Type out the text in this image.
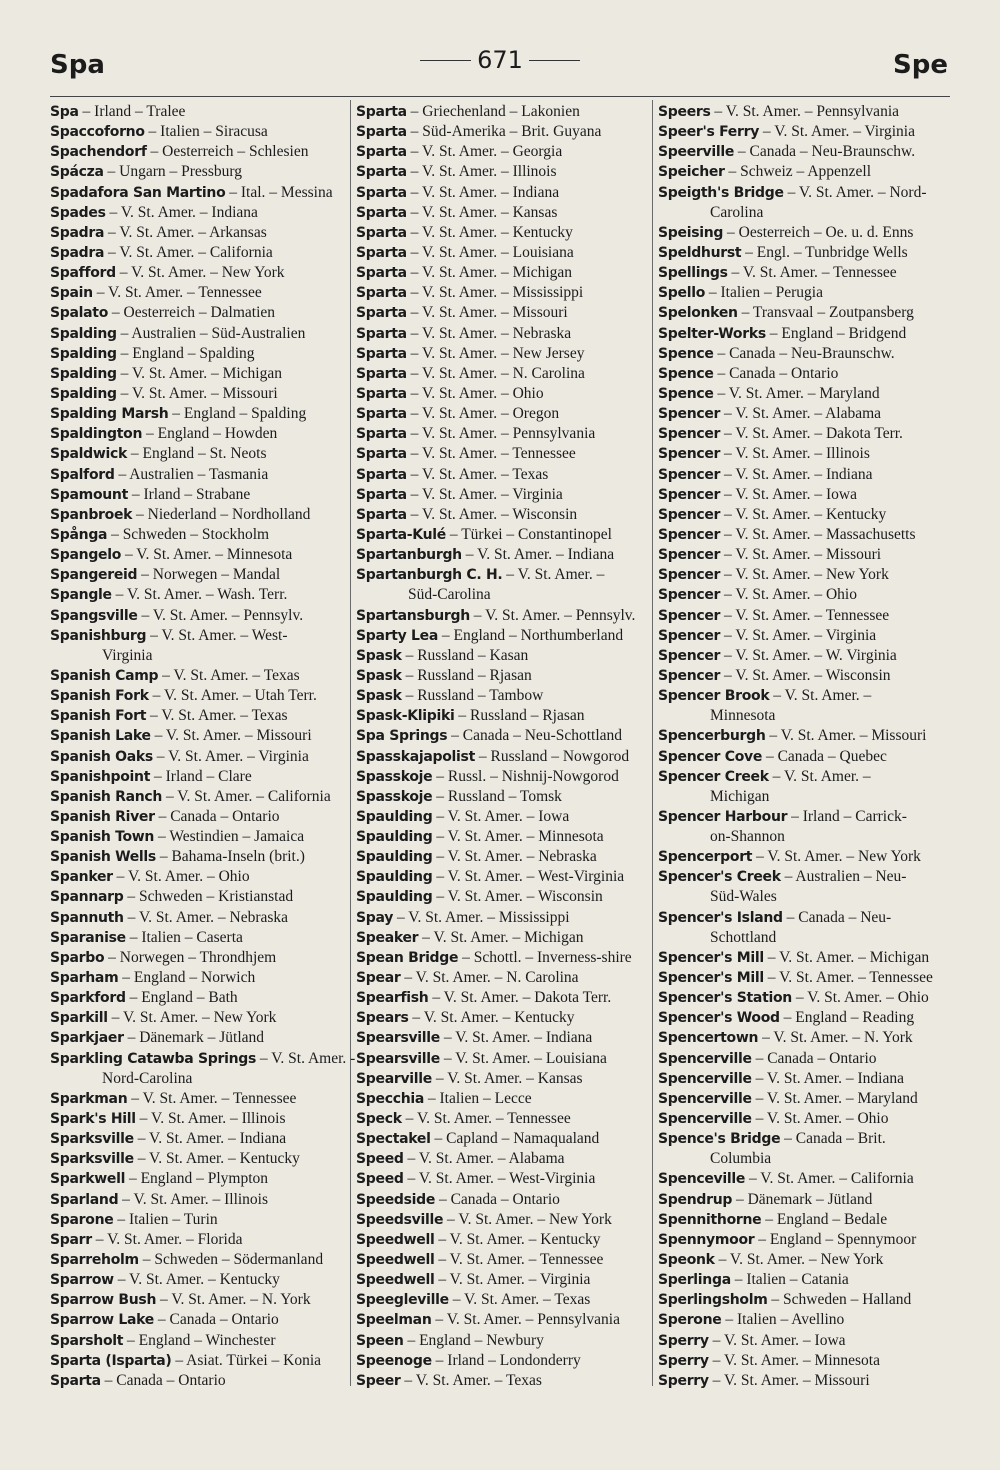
Spa	671	Spe
Spa – Irland – Tralee
Spaccoforno – Italien – Siracusa
Spachendorf – Oesterreich – Schlesien
Spácza – Ungarn – Pressburg
Spadafora San Martino – Ital. – Messina
Spades – V. St. Amer. – Indiana
Spadra – V. St. Amer. – Arkansas
Spadra – V. St. Amer. – California
Spafford – V. St. Amer. – New York
Spain – V. St. Amer. – Tennessee
Spalato – Oesterreich – Dalmatien
Spalding – Australien – Süd-Australien
Spalding – England – Spalding
Spalding – V. St. Amer. – Michigan
Spalding – V. St. Amer. – Missouri
Spalding Marsh – England – Spalding
Spaldington – England – Howden
Spaldwick – England – St. Neots
Spalford – Australien – Tasmania
Spamount – Irland – Strabane
Spanbroek – Niederland – Nordholland
Spånga – Schweden – Stockholm
Spangelo – V. St. Amer. – Minnesota
Spangereid – Norwegen – Mandal
Spangle – V. St. Amer. – Wash. Terr.
Spangsville – V. St. Amer. – Pennsylv.
Spanishburg – V. St. Amer. – West-
Virginia
Spanish Camp – V. St. Amer. – Texas
Spanish Fork – V. St. Amer. – Utah Terr.
Spanish Fort – V. St. Amer. – Texas
Spanish Lake – V. St. Amer. – Missouri
Spanish Oaks – V. St. Amer. – Virginia
Spanishpoint – Irland – Clare
Spanish Ranch – V. St. Amer. – California
Spanish River – Canada – Ontario
Spanish Town – Westindien – Jamaica
Spanish Wells – Bahama-Inseln (brit.)
Spanker – V. St. Amer. – Ohio
Spannarp – Schweden – Kristianstad
Spannuth – V. St. Amer. – Nebraska
Sparanise – Italien – Caserta
Sparbo – Norwegen – Throndhjem
Sparham – England – Norwich
Sparkford – England – Bath
Sparkill – V. St. Amer. – New York
Sparkjaer – Dänemark – Jütland
Sparkling Catawba Springs – V. St. Amer. -
Nord-Carolina
Sparkman – V. St. Amer. – Tennessee
Spark's Hill – V. St. Amer. – Illinois
Sparksville – V. St. Amer. – Indiana
Sparksville – V. St. Amer. – Kentucky
Sparkwell – England – Plympton
Sparland – V. St. Amer. – Illinois
Sparone – Italien – Turin
Sparr – V. St. Amer. – Florida
Sparreholm – Schweden – Södermanland
Sparrow – V. St. Amer. – Kentucky
Sparrow Bush – V. St. Amer. – N. York
Sparrow Lake – Canada – Ontario
Sparsholt – England – Winchester
Sparta (Isparta) – Asiat. Türkei – Konia
Sparta – Canada – Ontario
Sparta – Griechenland – Lakonien
Sparta – Süd-Amerika – Brit. Guyana
Sparta – V. St. Amer. – Georgia
Sparta – V. St. Amer. – Illinois
Sparta – V. St. Amer. – Indiana
Sparta – V. St. Amer. – Kansas
Sparta – V. St. Amer. – Kentucky
Sparta – V. St. Amer. – Louisiana
Sparta – V. St. Amer. – Michigan
Sparta – V. St. Amer. – Mississippi
Sparta – V. St. Amer. – Missouri
Sparta – V. St. Amer. – Nebraska
Sparta – V. St. Amer. – New Jersey
Sparta – V. St. Amer. – N. Carolina
Sparta – V. St. Amer. – Ohio
Sparta – V. St. Amer. – Oregon
Sparta – V. St. Amer. – Pennsylvania
Sparta – V. St. Amer. – Tennessee
Sparta – V. St. Amer. – Texas
Sparta – V. St. Amer. – Virginia
Sparta – V. St. Amer. – Wisconsin
Sparta-Kulé – Türkei – Constantinopel
Spartanburgh – V. St. Amer. – Indiana
Spartanburgh C. H. – V. St. Amer. –
Süd-Carolina
Spartansburgh – V. St. Amer. – Pennsylv.
Sparty Lea – England – Northumberland
Spask – Russland – Kasan
Spask – Russland – Rjasan
Spask – Russland – Tambow
Spask-Klipiki – Russland – Rjasan
Spa Springs – Canada – Neu-Schottland
Spasskajapolist – Russland – Nowgorod
Spasskoje – Russl. – Nishnij-Nowgorod
Spasskoje – Russland – Tomsk
Spaulding – V. St. Amer. – Iowa
Spaulding – V. St. Amer. – Minnesota
Spaulding – V. St. Amer. – Nebraska
Spaulding – V. St. Amer. – West-Virginia
Spaulding – V. St. Amer. – Wisconsin
Spay – V. St. Amer. – Mississippi
Speaker – V. St. Amer. – Michigan
Spean Bridge – Schottl. – Inverness-shire
Spear – V. St. Amer. – N. Carolina
Spearfish – V. St. Amer. – Dakota Terr.
Spears – V. St. Amer. – Kentucky
Spearsville – V. St. Amer. – Indiana
Spearsville – V. St. Amer. – Louisiana
Spearville – V. St. Amer. – Kansas
Specchia – Italien – Lecce
Speck – V. St. Amer. – Tennessee
Spectakel – Capland – Namaqualand
Speed – V. St. Amer. – Alabama
Speed – V. St. Amer. – West-Virginia
Speedside – Canada – Ontario
Speedsville – V. St. Amer. – New York
Speedwell – V. St. Amer. – Kentucky
Speedwell – V. St. Amer. – Tennessee
Speedwell – V. St. Amer. – Virginia
Speegleville – V. St. Amer. – Texas
Speelman – V. St. Amer. – Pennsylvania
Speen – England – Newbury
Speenoge – Irland – Londonderry
Speer – V. St. Amer. – Texas
Speers – V. St. Amer. – Pennsylvania
Speer's Ferry – V. St. Amer. – Virginia
Speerville – Canada – Neu-Braunschw.
Speicher – Schweiz – Appenzell
Speigth's Bridge – V. St. Amer. – Nord-
Carolina
Speising – Oesterreich – Oe. u. d. Enns
Speldhurst – Engl. – Tunbridge Wells
Spellings – V. St. Amer. – Tennessee
Spello – Italien – Perugia
Spelonken – Transvaal – Zoutpansberg
Spelter-Works – England – Bridgend
Spence – Canada – Neu-Braunschw.
Spence – Canada – Ontario
Spence – V. St. Amer. – Maryland
Spencer – V. St. Amer. – Alabama
Spencer – V. St. Amer. – Dakota Terr.
Spencer – V. St. Amer. – Illinois
Spencer – V. St. Amer. – Indiana
Spencer – V. St. Amer. – Iowa
Spencer – V. St. Amer. – Kentucky
Spencer – V. St. Amer. – Massachusetts
Spencer – V. St. Amer. – Missouri
Spencer – V. St. Amer. – New York
Spencer – V. St. Amer. – Ohio
Spencer – V. St. Amer. – Tennessee
Spencer – V. St. Amer. – Virginia
Spencer – V. St. Amer. – W. Virginia
Spencer – V. St. Amer. – Wisconsin
Spencer Brook – V. St. Amer. –
Minnesota
Spencerburgh – V. St. Amer. – Missouri
Spencer Cove – Canada – Quebec
Spencer Creek – V. St. Amer. –
Michigan
Spencer Harbour – Irland – Carrick-
on-Shannon
Spencerport – V. St. Amer. – New York
Spencer's Creek – Australien – Neu-
Süd-Wales
Spencer's Island – Canada – Neu-
Schottland
Spencer's Mill – V. St. Amer. – Michigan
Spencer's Mill – V. St. Amer. – Tennessee
Spencer's Station – V. St. Amer. – Ohio
Spencer's Wood – England – Reading
Spencertown – V. St. Amer. – N. York
Spencerville – Canada – Ontario
Spencerville – V. St. Amer. – Indiana
Spencerville – V. St. Amer. – Maryland
Spencerville – V. St. Amer. – Ohio
Spence's Bridge – Canada – Brit.
Columbia
Spenceville – V. St. Amer. – California
Spendrup – Dänemark – Jütland
Spennithorne – England – Bedale
Spennymoor – England – Spennymoor
Speonk – V. St. Amer. – New York
Sperlinga – Italien – Catania
Sperlingsholm – Schweden – Halland
Sperone – Italien – Avellino
Sperry – V. St. Amer. – Iowa
Sperry – V. St. Amer. – Minnesota
Sperry – V. St. Amer. – Missouri
